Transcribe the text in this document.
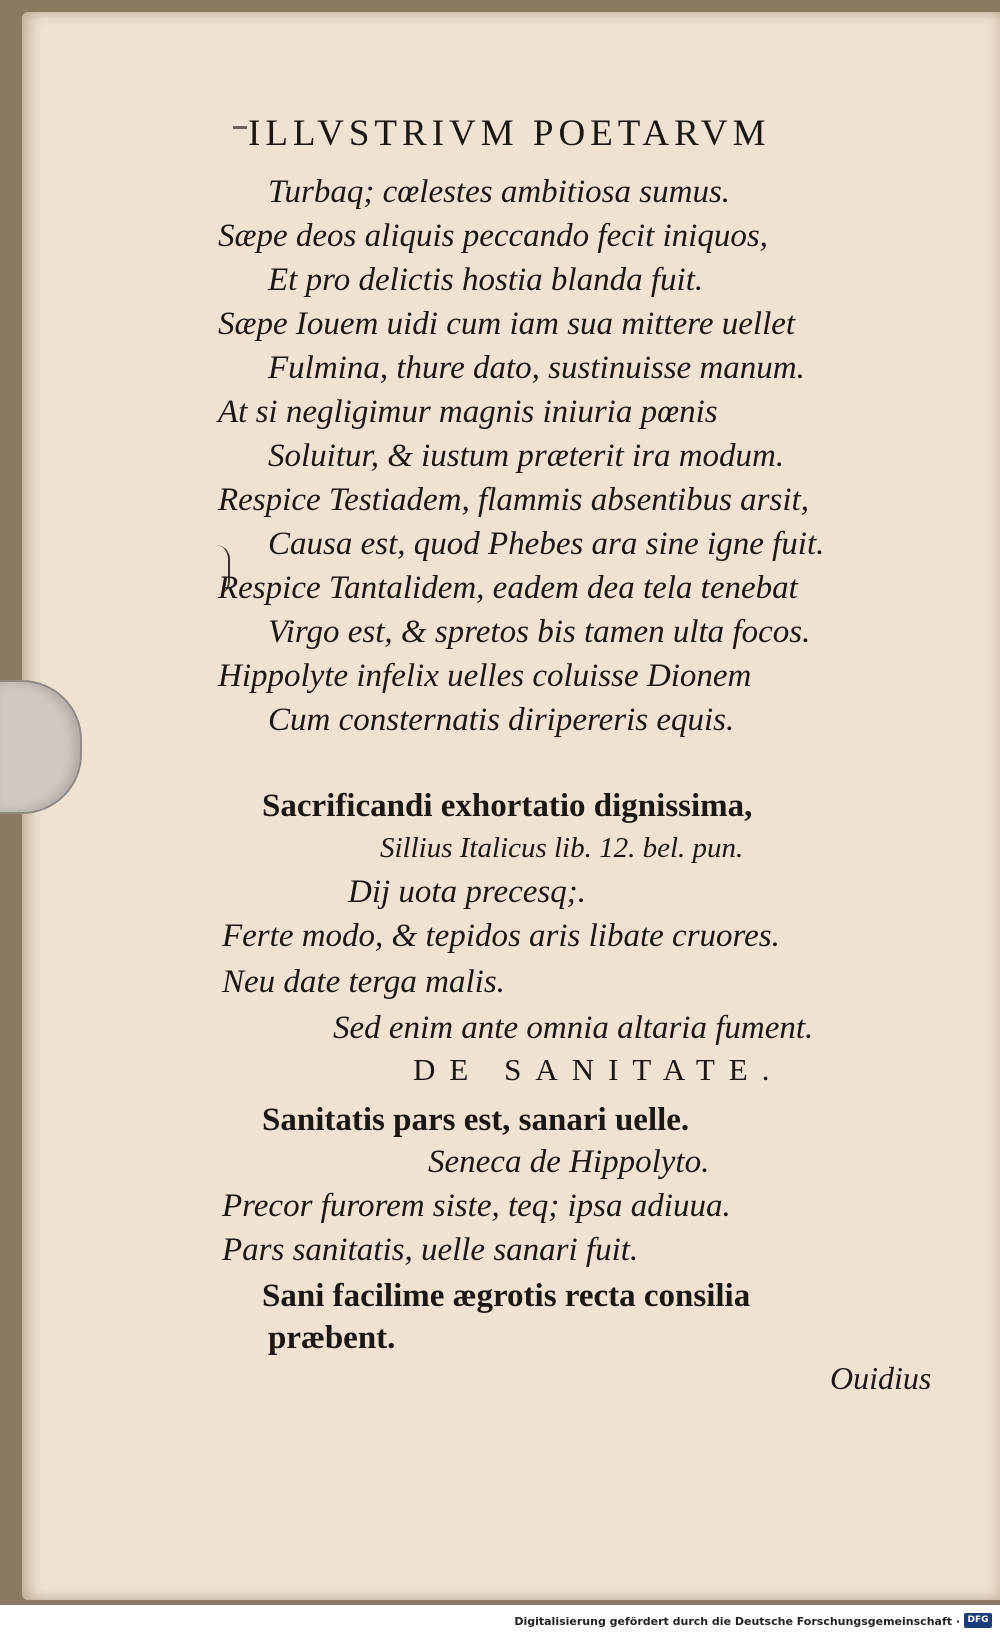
ILLVSTRIVM POETARVM
Turbaq; cœlestes ambitiosa sumus.
Sæpe deos aliquis peccando fecit iniquos,
Et pro delictis hostia blanda fuit.
Sæpe Iouem uidi cum iam sua mittere uellet
Fulmina, thure dato, sustinuisse manum.
At si negligimur magnis iniuria pœnis
Soluitur, & iustum præterit ira modum.
Respice Testiadem, flammis absentibus arsit,
Causa est, quod Phebes ara sine igne fuit.
Respice Tantalidem, eadem dea tela tenebat
Virgo est, & spretos bis tamen ulta focos.
Hippolyte infelix uelles coluisse Dionem
Cum consternatis diripereris equis.
Sacrificandi exhortatio dignissima,
Sillius Italicus lib. 12. bel. pun.
Dij uota precesq;.
Ferte modo, & tepidos aris libate cruores.
Neu date terga malis.
Sed enim ante omnia altaria fument.
DE SANITATE.
Sanitatis pars est, sanari uelle.
Seneca de Hippolyto.
Precor furorem siste, teq; ipsa adiuua.
Pars sanitatis, uelle sanari fuit.
Sani facilime ægrotis recta consilia
præbent.
Ouidius
Digitalisierung gefördert durch die Deutsche Forschungsgemeinschaft · DFG
